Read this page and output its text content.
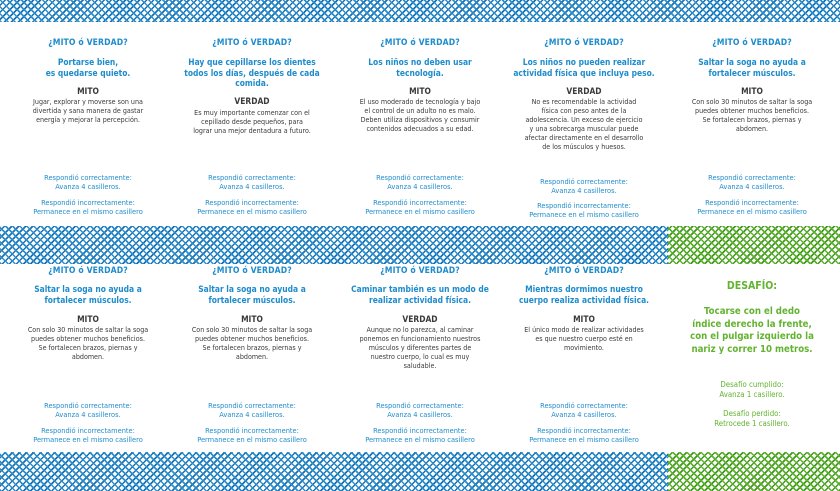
¿MITO ó VERDAD?
Portarse bien,
es quedarse quieto.
MITO
Jugar, explorar y moverse son una
divertida y sana manera de gastar
energía y mejorar la percepción.
Respondió correctamente:
Avanza 4 casilleros.
Respondió incorrectamente:
Permanece en el mismo casillero
¿MITO ó VERDAD?
Hay que cepillarse los dientes
todos los días, después de cada
comida.
VERDAD
Es muy importante comenzar con el
cepillado desde pequeños, para
lograr una mejor dentadura a futuro.
Respondió correctamente:
Avanza 4 casilleros.
Respondió incorrectamente:
Permanece en el mismo casillero
¿MITO ó VERDAD?
Los niños no deben usar
tecnología.
MITO
El uso moderado de tecnología y bajo
el control de un adulto no es malo.
Deben utiliza dispositivos y consumir
contenidos adecuados a su edad.
Respondió correctamente:
Avanza 4 casilleros.
Respondió incorrectamente:
Permanece en el mismo casillero
¿MITO ó VERDAD?
Los niños no pueden realizar
actividad física que incluya peso.
VERDAD
No es recomendable la actividad
física con peso antes de la
adolescencia. Un exceso de ejercicio
y una sobrecarga muscular puede
afectar directamente en el desarrollo
de los músculos y huesos.
Respondió correctamente:
Avanza 4 casilleros.
Respondió incorrectamente:
Permanece en el mismo casillero
¿MITO ó VERDAD?
Saltar la soga no ayuda a
fortalecer músculos.
MITO
Con solo 30 minutos de saltar la soga
puedes obtener muchos beneficios.
Se fortalecen brazos, piernas y
abdomen.
Respondió correctamente:
Avanza 4 casilleros.
Respondió incorrectamente:
Permanece en el mismo casillero
¿MITO ó VERDAD?
Saltar la soga no ayuda a
fortalecer músculos.
MITO
Con solo 30 minutos de saltar la soga
puedes obtener muchos beneficios.
Se fortalecen brazos, piernas y
abdomen.
Respondió correctamente:
Avanza 4 casilleros.
Respondió incorrectamente:
Permanece en el mismo casillero
¿MITO ó VERDAD?
Saltar la soga no ayuda a
fortalecer músculos.
MITO
Con solo 30 minutos de saltar la soga
puedes obtener muchos beneficios.
Se fortalecen brazos, piernas y
abdomen.
Respondió correctamente:
Avanza 4 casilleros.
Respondió incorrectamente:
Permanece en el mismo casillero
¿MITO ó VERDAD?
Caminar también es un modo de
realizar actividad física.
VERDAD
Aunque no lo parezca, al caminar
ponemos en funcionamiento nuestros
músculos y diferentes partes de
nuestro cuerpo, lo cual es muy
saludable.
Respondió correctamente:
Avanza 4 casilleros.
Respondió incorrectamente:
Permanece en el mismo casillero
¿MITO ó VERDAD?
Mientras dormimos nuestro
cuerpo realiza actividad física.
MITO
El único modo de realizar actividades
es que nuestro cuerpo esté en
movimiento.
Respondió correctamente:
Avanza 4 casilleros.
Respondió incorrectamente:
Permanece en el mismo casillero
DESAFÍO:
Tocarse con el dedo
índice derecho la frente,
con el pulgar izquierdo la
nariz y correr 10 metros.
Desafío cumplido:
Avanza 1 casillero.
Desafío perdido:
Retrocede 1 casillero.
